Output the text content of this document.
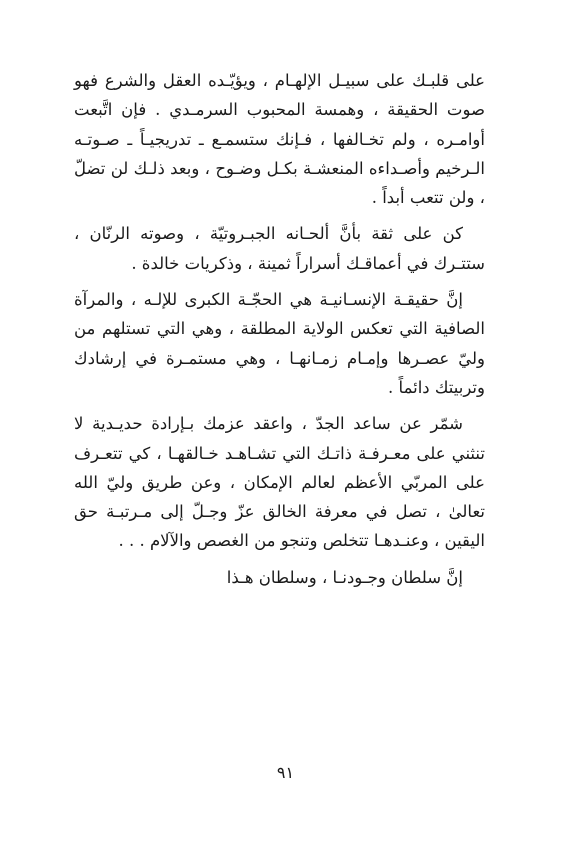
على قلبـك على سبيـل الإلهـام ، ويؤيّـده العقل والشرع فهو صوت الحقيقة ، وهمسة المحبوب السرمـدي . فإن اتَّبعت أوامـره ، ولم تخـالفها ، فـإنك ستسمـع ـ تدريجيـاً ـ صـوتـه الـرخيم وأصـداءه المنعشـة بكـل وضـوح ، وبعد ذلـك لن تضلّ ، ولن تتعب أبداً .

كن على ثقة بأنَّ ألحـانه الجبـروتيّة ، وصوته الرنّان ، ستتـرك في أعماقـك أسراراً ثمينة ، وذكريات خالدة .

إنَّ حقيقـة الإنسـانيـة هي الحجّـة الكبرى للإلـه ، والمرآة الصافية التي تعكس الولاية المطلقة ، وهي التي تستلهم من وليّ عصـرها وإمـام زمـانهـا ، وهي مستمـرة في إرشادك وتربيتك دائماً .

شمّر عن ساعد الجدّ ، واعقد عزمك بـإرادة حديـدية لا تنثني على معـرفـة ذاتـك التي تشـاهـد خـالقهـا ، كي تتعـرف على المربّي الأعظم لعالم الإمكان ، وعن طريق وليّ الله تعالىٰ ، تصل في معرفة الخالق عزّ وجـلّ إلى مـرتبـة حق اليقين ، وعنـدهـا تتخلص وتنجو من الغصص والآلام . . .

إنَّ سلطان وجـودنـا ، وسلطان هـذا

٩١
